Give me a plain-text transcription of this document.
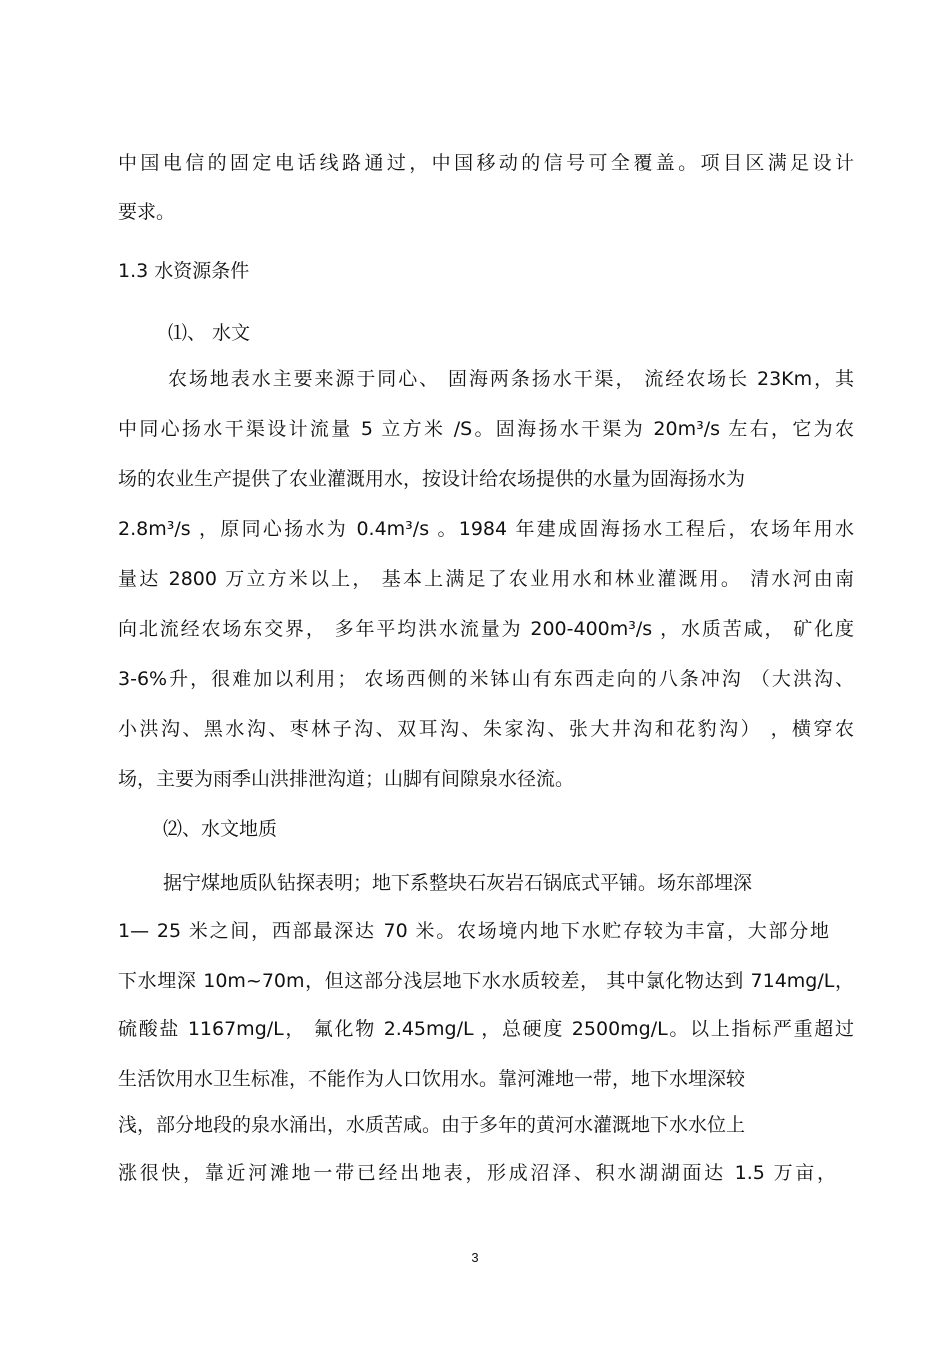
中国电信的固定电话线路通过，中国移动的信号可全覆盖。项目区满足设计
要求。
1.3 水资源条件
⑴、 水文
农场地表水主要来源于同心、 固海两条扬水干渠， 流经农场长 23Km，其
中同心扬水干渠设计流量 5 立方米 /S。固海扬水干渠为 20m³/s 左右，它为农
场的农业生产提供了农业灌溉用水，按设计给农场提供的水量为固海扬水为
2.8m³/s ，原同心扬水为 0.4m³/s 。1984 年建成固海扬水工程后，农场年用水
量达 2800 万立方米以上， 基本上满足了农业用水和林业灌溉用。 清水河由南
向北流经农场东交界， 多年平均洪水流量为 200-400m³/s ，水质苦咸， 矿化度
3-6%升，很难加以利用； 农场西侧的米钵山有东西走向的八条冲沟 （大洪沟、
小洪沟、黑水沟、枣林子沟、双耳沟、朱家沟、张大井沟和花豹沟） ，横穿农
场，主要为雨季山洪排泄沟道；山脚有间隙泉水径流。
⑵、水文地质
据宁煤地质队钻探表明；地下系整块石灰岩石锅底式平铺。场东部埋深
1— 25 米之间，西部最深达 70 米。农场境内地下水贮存较为丰富，大部分地
下水埋深 10m~70m，但这部分浅层地下水水质较差， 其中氯化物达到 714mg/L，
硫酸盐 1167mg/L， 氟化物 2.45mg/L ，总硬度 2500mg/L。以上指标严重超过
生活饮用水卫生标准，不能作为人口饮用水。靠河滩地一带，地下水埋深较
浅，部分地段的泉水涌出，水质苦咸。由于多年的黄河水灌溉地下水水位上
涨很快，靠近河滩地一带已经出地表，形成沼泽、积水湖湖面达 1.5 万亩，
3
